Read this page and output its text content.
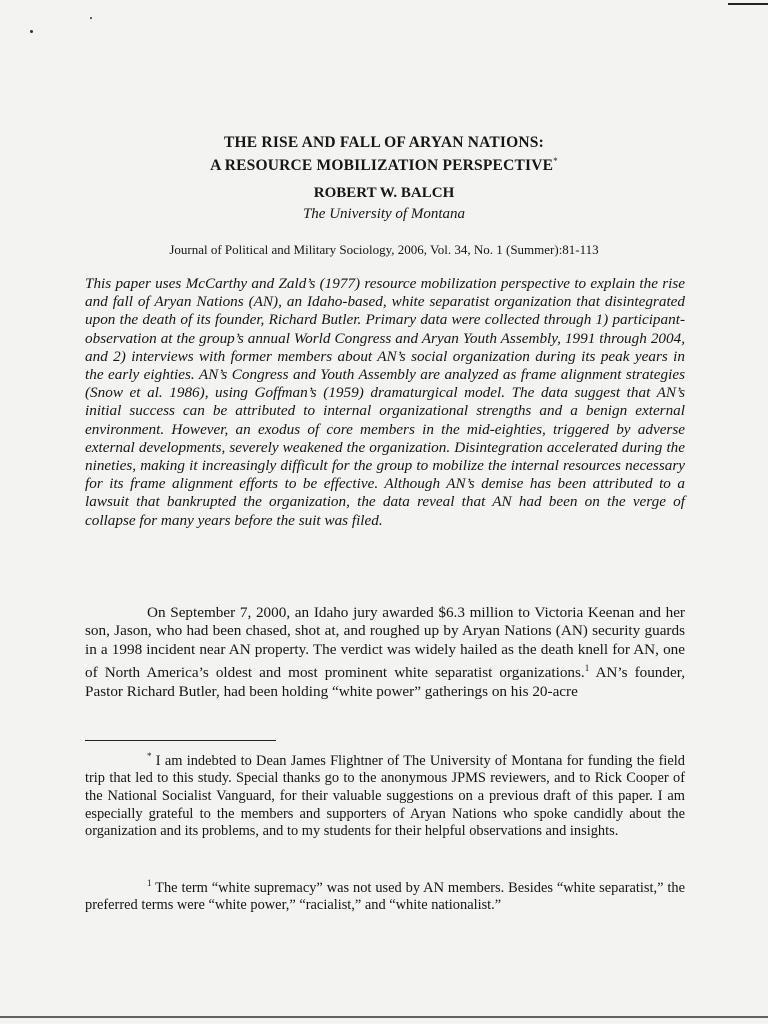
THE RISE AND FALL OF ARYAN NATIONS:
A RESOURCE MOBILIZATION PERSPECTIVE*
ROBERT W. BALCH
The University of Montana
Journal of Political and Military Sociology, 2006, Vol. 34, No. 1 (Summer):81-113
This paper uses McCarthy and Zald’s (1977) resource mobilization perspective to explain the rise and fall of Aryan Nations (AN), an Idaho-based, white separatist organization that disintegrated upon the death of its founder, Richard Butler. Primary data were collected through 1) participant-observation at the group’s annual World Congress and Aryan Youth Assembly, 1991 through 2004, and 2) interviews with former members about AN’s social organization during its peak years in the early eighties. AN’s Congress and Youth Assembly are analyzed as frame alignment strategies (Snow et al. 1986), using Goffman’s (1959) dramaturgical model. The data suggest that AN’s initial success can be attributed to internal organizational strengths and a benign external environment. However, an exodus of core members in the mid-eighties, triggered by adverse external developments, severely weakened the organization. Disintegration accelerated during the nineties, making it increasingly difficult for the group to mobilize the internal resources necessary for its frame alignment efforts to be effective. Although AN’s demise has been attributed to a lawsuit that bankrupted the organization, the data reveal that AN had been on the verge of collapse for many years before the suit was filed.
On September 7, 2000, an Idaho jury awarded $6.3 million to Victoria Keenan and her son, Jason, who had been chased, shot at, and roughed up by Aryan Nations (AN) security guards in a 1998 incident near AN property. The verdict was widely hailed as the death knell for AN, one of North America’s oldest and most prominent white separatist organizations.$^1$ AN’s founder, Pastor Richard Butler, had been holding “white power” gatherings on his 20-acre
* I am indebted to Dean James Flightner of The University of Montana for funding the field trip that led to this study. Special thanks go to the anonymous JPMS reviewers, and to Rick Cooper of the National Socialist Vanguard, for their valuable suggestions on a previous draft of this paper. I am especially grateful to the members and supporters of Aryan Nations who spoke candidly about the organization and its problems, and to my students for their helpful observations and insights.
$^1$ The term “white supremacy” was not used by AN members. Besides “white separatist,” the preferred terms were “white power,” “racialist,” and “white nationalist.”
